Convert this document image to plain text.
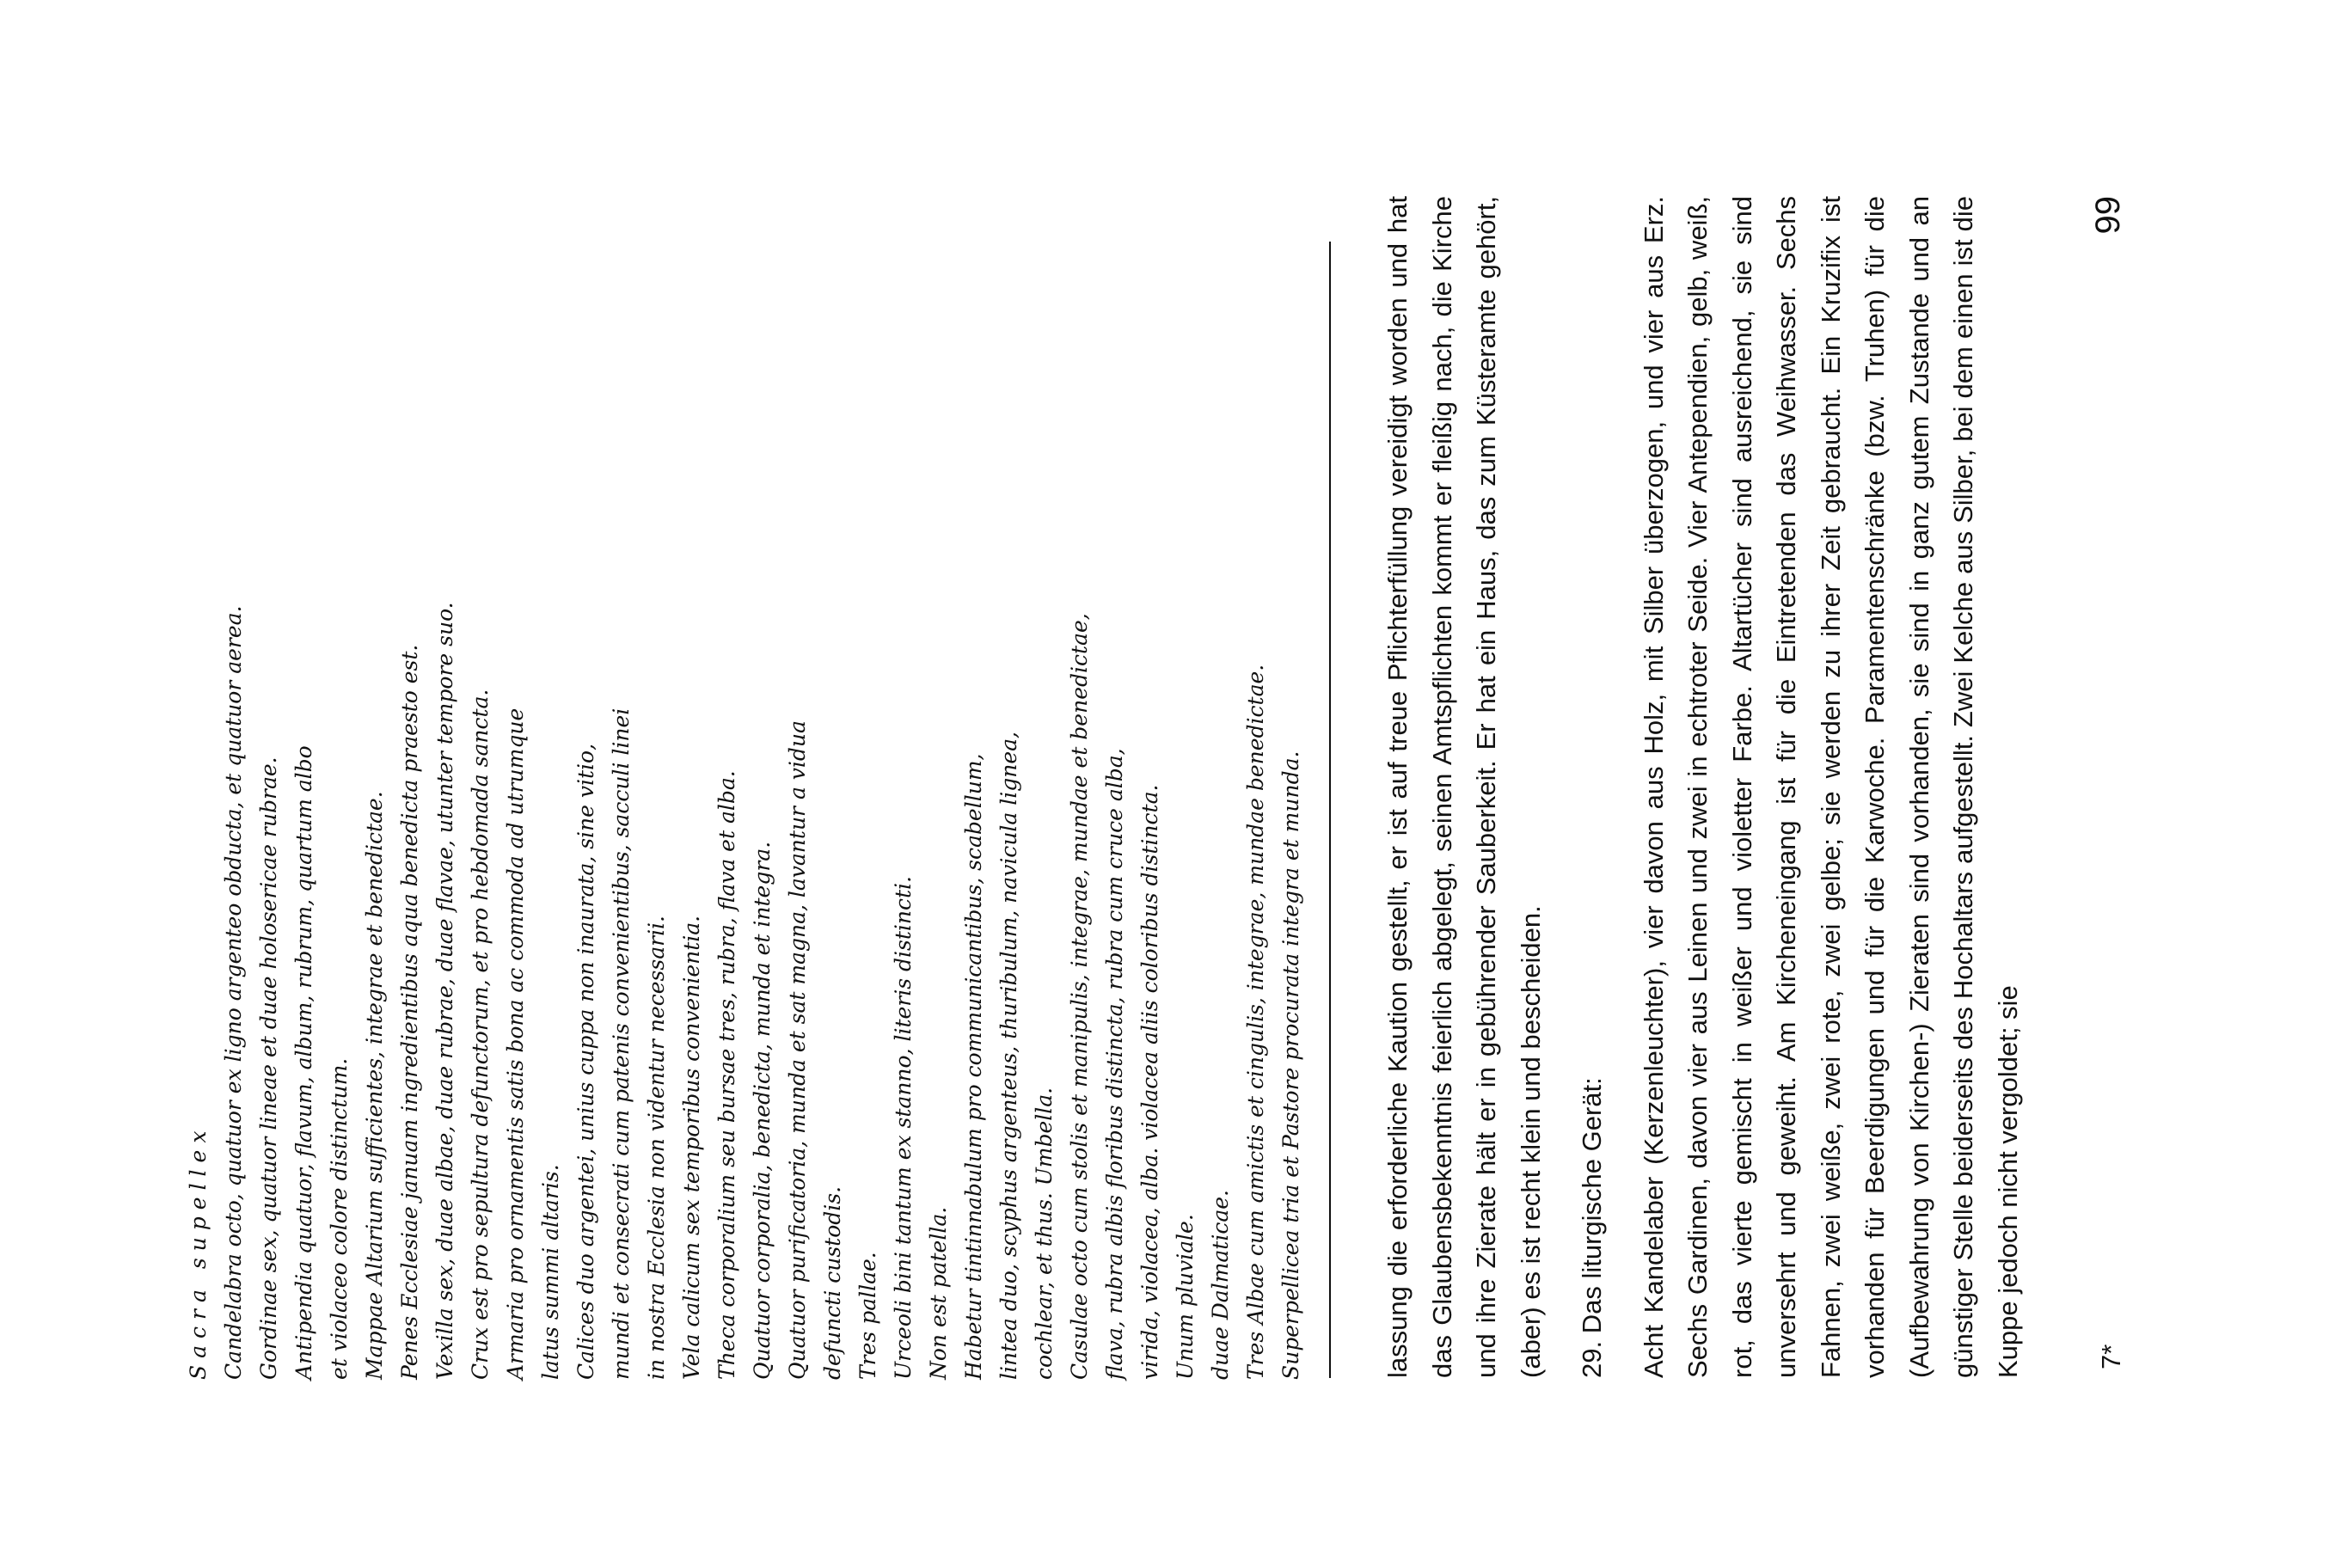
Sacra supellex Candelabra octo, quatuor ex ligno argenteo obducta, et quatuor aerea. Gordinae sex, quatuor lineae et duae holosericae rubrae. Antipendia quatuor, flavum, album, rubrum, quartum albo et violaceo colore distinctum. Mappae Altarium sufficientes, integrae et benedictae. Penes Ecclesiae januam ingredientibus aqua benedicta praesto est. Vexilla sex, duae albae, duae rubrae, duae flavae, utunter tempore suo. Crux est pro sepultura defunctorum, et pro hebdomada sancta. Armaria pro ornamentis satis bona ac commoda ad utrumque latus summi altaris. Calices duo argentei, unius cuppa non inaurata, sine vitio, mundi et consecrati cum patenis convenientibus, sacculi linei in nostra Ecclesia non videntur necessarii. Vela calicum sex temporibus convenientia. Theca corporalium seu bursae tres, rubra, flava et alba. Quatuor corporalia, benedicta, munda et integra. Quatuor purificatoria, munda et sat magna, lavantur a vidua defuncti custodis. Tres pallae. Urceoli bini tantum ex stanno, literis distincti. Non est patella. Habetur tintinnabulum pro communicantibus, scabellum, lintea duo, scyphus argenteus, thuribulum, navicula lignea, cochlear, et thus. Umbella. Casulae octo cum stolis et manipulis, integrae, mundae et benedictae, flava, rubra albis floribus distincta, rubra cum cruce alba, virida, violacea, alba. violacea aliis coloribus distincta. Unum pluviale. duae Dalmaticae. Tres Albae cum amictis et cingulis, integrae, mundae benedictae. Superpellicea tria et Pastore procurata integra et munda.	lassung die erforderliche Kaution gestellt, er ist auf treue Pflichterfüllung vereidigt worden und hat das Glaubensbekenntnis feierlich abgelegt, seinen Amtspflichten kommt er fleißig nach, die Kirche und ihre Zierate hält er in gebührender Sauberkeit. Er hat ein Haus, das zum Küsteramte gehört, (aber) es ist recht klein und bescheiden. 29. Das liturgische Gerät: Acht Kandelaber (Kerzenleuchter), vier davon aus Holz, mit Silber überzogen, und vier aus Erz. Sechs Gardinen, davon vier aus Leinen und zwei in echtroter Seide. Vier Antependien, gelb, weiß, rot, das vierte gemischt in weißer und violetter Farbe. Altartücher sind ausreichend, sie sind unversehrt und geweiht. Am Kircheneingang ist für die Eintretenden das Weihwasser. Sechs Fahnen, zwei weiße, zwei rote, zwei gelbe; sie werden zu ihrer Zeit gebraucht. Ein Kruzifix ist vorhanden für Beerdigungen und für die Karwoche. Paramentenschränke (bzw. Truhen) für die (Aufbewahrung von Kirchen-) Zieraten sind vorhanden, sie sind in ganz gutem Zustande und an günstiger Stelle beiderseits des Hochaltars aufgestellt. Zwei Kelche aus Silber, bei dem einen ist die Kuppe jedoch nicht vergoldet; sie	7*
99
